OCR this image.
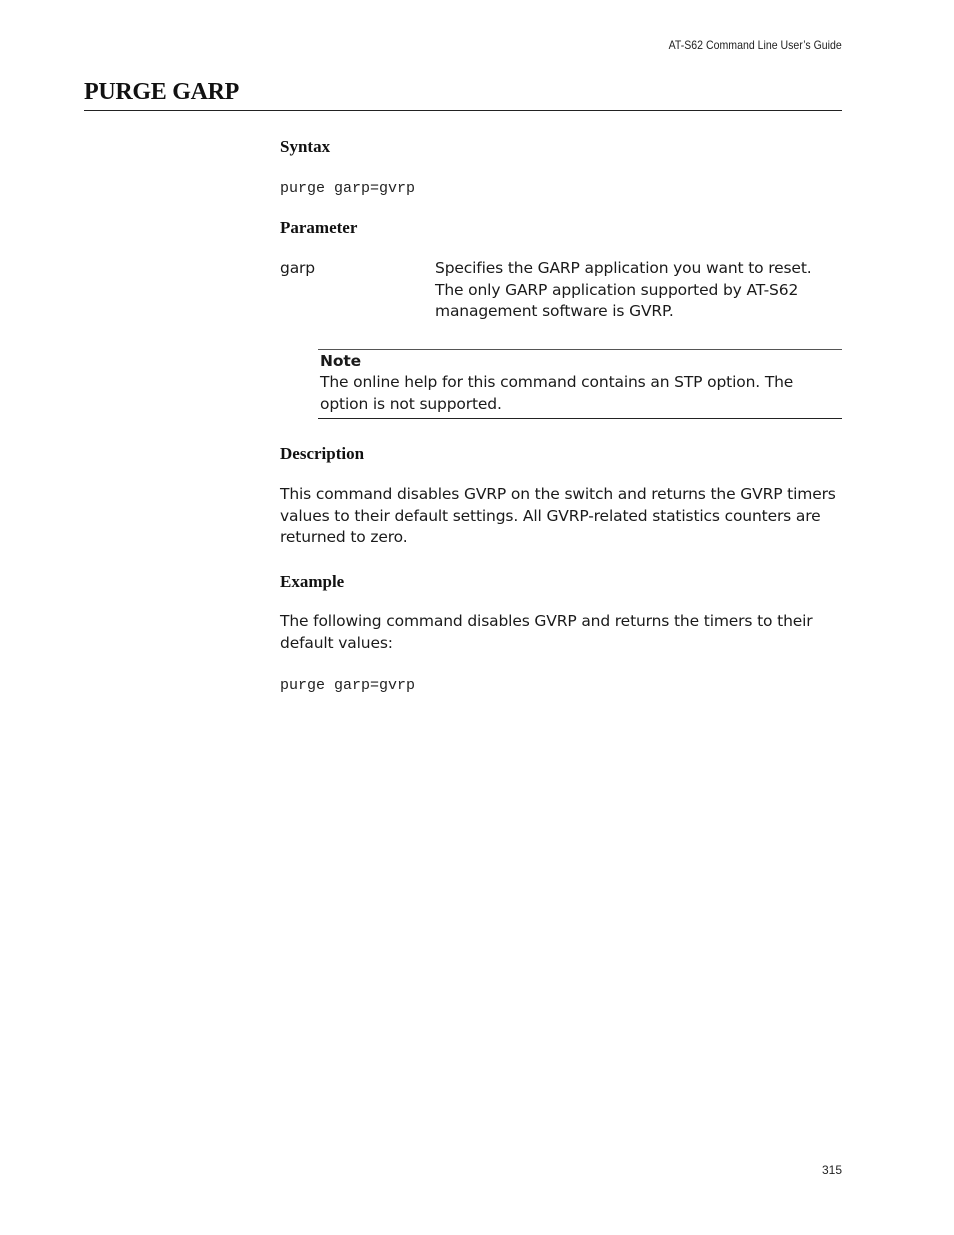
AT-S62 Command Line User’s Guide
PURGE GARP
Syntax
purge garp=gvrp
Parameter
garp	Specifies the GARP application you want to reset. The only GARP application supported by AT-S62 management software is GVRP.

Note

The online help for this command contains an STP option. The option is not supported.

Description

This command disables GVRP on the switch and returns the GVRP timers values to their default settings. All GVRP-related statistics counters are returned to zero.

Example

The following command disables GVRP and returns the timers to their default values:

purge garp=gvrp
315
